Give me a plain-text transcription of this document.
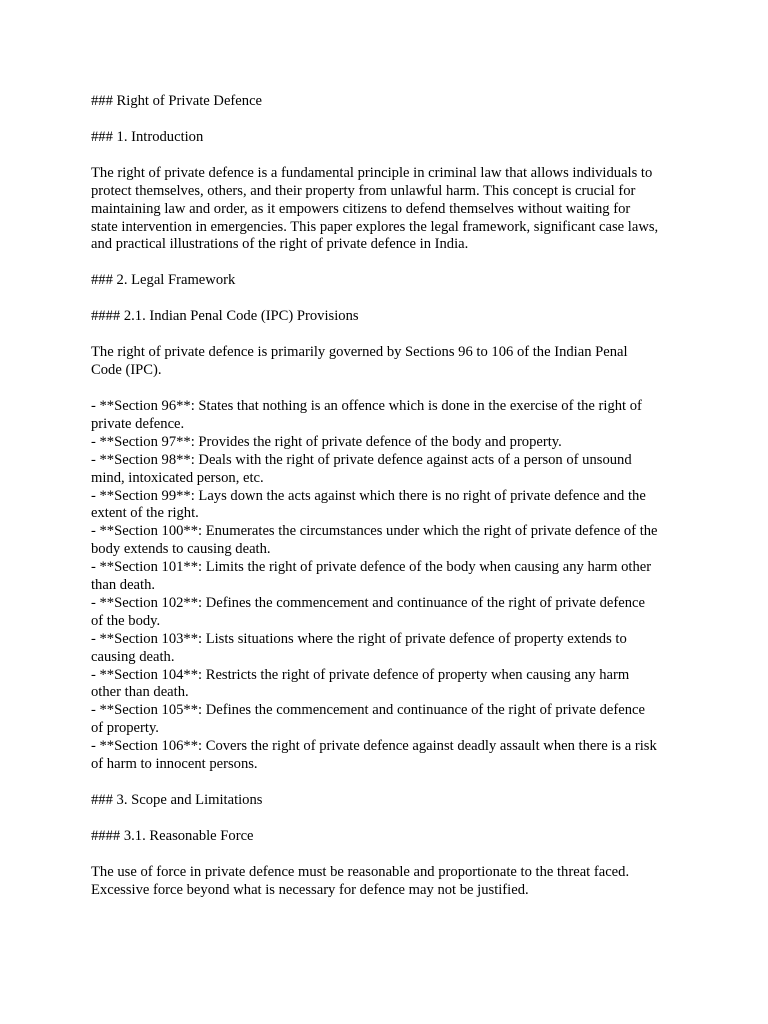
### Right of Private Defence

### 1. Introduction

The right of private defence is a fundamental principle in criminal law that allows individuals to
protect themselves, others, and their property from unlawful harm. This concept is crucial for
maintaining law and order, as it empowers citizens to defend themselves without waiting for
state intervention in emergencies. This paper explores the legal framework, significant case laws,
and practical illustrations of the right of private defence in India.

### 2. Legal Framework

#### 2.1. Indian Penal Code (IPC) Provisions

The right of private defence is primarily governed by Sections 96 to 106 of the Indian Penal
Code (IPC).

- **Section 96**: States that nothing is an offence which is done in the exercise of the right of
private defence.
- **Section 97**: Provides the right of private defence of the body and property.
- **Section 98**: Deals with the right of private defence against acts of a person of unsound
mind, intoxicated person, etc.
- **Section 99**: Lays down the acts against which there is no right of private defence and the
extent of the right.
- **Section 100**: Enumerates the circumstances under which the right of private defence of the
body extends to causing death.
- **Section 101**: Limits the right of private defence of the body when causing any harm other
than death.
- **Section 102**: Defines the commencement and continuance of the right of private defence
of the body.
- **Section 103**: Lists situations where the right of private defence of property extends to
causing death.
- **Section 104**: Restricts the right of private defence of property when causing any harm
other than death.
- **Section 105**: Defines the commencement and continuance of the right of private defence
of property.
- **Section 106**: Covers the right of private defence against deadly assault when there is a risk
of harm to innocent persons.

### 3. Scope and Limitations

#### 3.1. Reasonable Force

The use of force in private defence must be reasonable and proportionate to the threat faced.
Excessive force beyond what is necessary for defence may not be justified.
